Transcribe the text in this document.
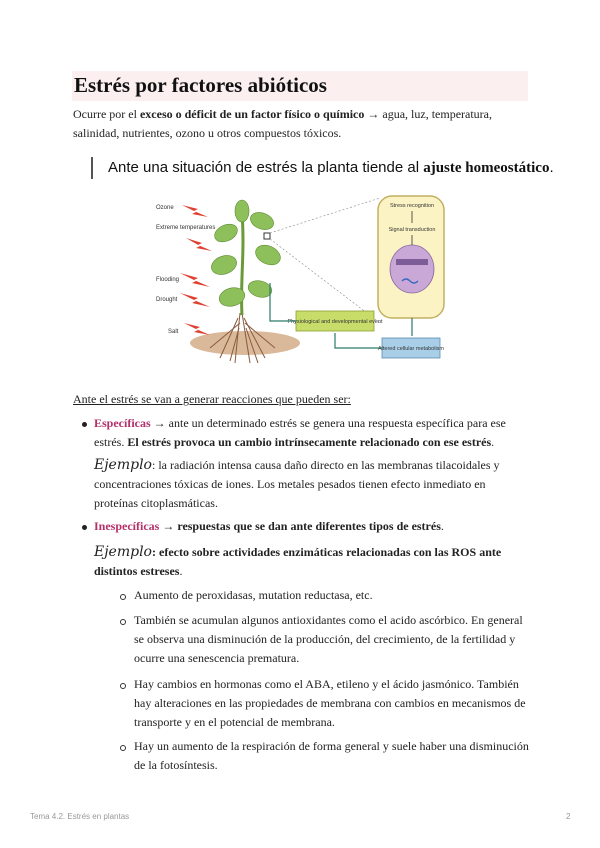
Estrés por factores abióticos

Ocurre por el exceso o déficit de un factor físico o químico → agua, luz, temperatura, salinidad, nutrientes, ozono u otros compuestos tóxicos.

Ante una situación de estrés la planta tiende al ajuste homeostático.

Ozone
Extreme temperatures
Flooding
Drought
Salt
Stress recognition
Signal transduction
Physiological and developmental event
Altered cellular metabolism

Ante el estrés se van a generar reacciones que pueden ser:

Específicas → ante un determinado estrés se genera una respuesta específica para ese estrés. El estrés provoca un cambio intrínsecamente relacionado con ese estrés.

Ejemplo: la radiación intensa causa daño directo en las membranas tilacoidales y concentraciones tóxicas de iones. Los metales pesados tienen efecto inmediato en proteínas citoplasmáticas.

Inespecíficas → respuestas que se dan ante diferentes tipos de estrés.

Ejemplo: efecto sobre actividades enzimáticas relacionadas con las ROS ante distintos estreses.

Aumento de peroxidasas, mutation reductasa, etc.

También se acumulan algunos antioxidantes como el acido ascórbico. En general se observa una disminución de la producción, del crecimiento, de la fertilidad y ocurre una senescencia prematura.

Hay cambios en hormonas como el ABA, etileno y el ácido jasmónico. También hay alteraciones en las propiedades de membrana con cambios en mecanismos de transporte y en el potencial de membrana.

Hay un aumento de la respiración de forma general y suele haber una disminución de la fotosíntesis.

Tema 4.2. Estrés en plantas	2
